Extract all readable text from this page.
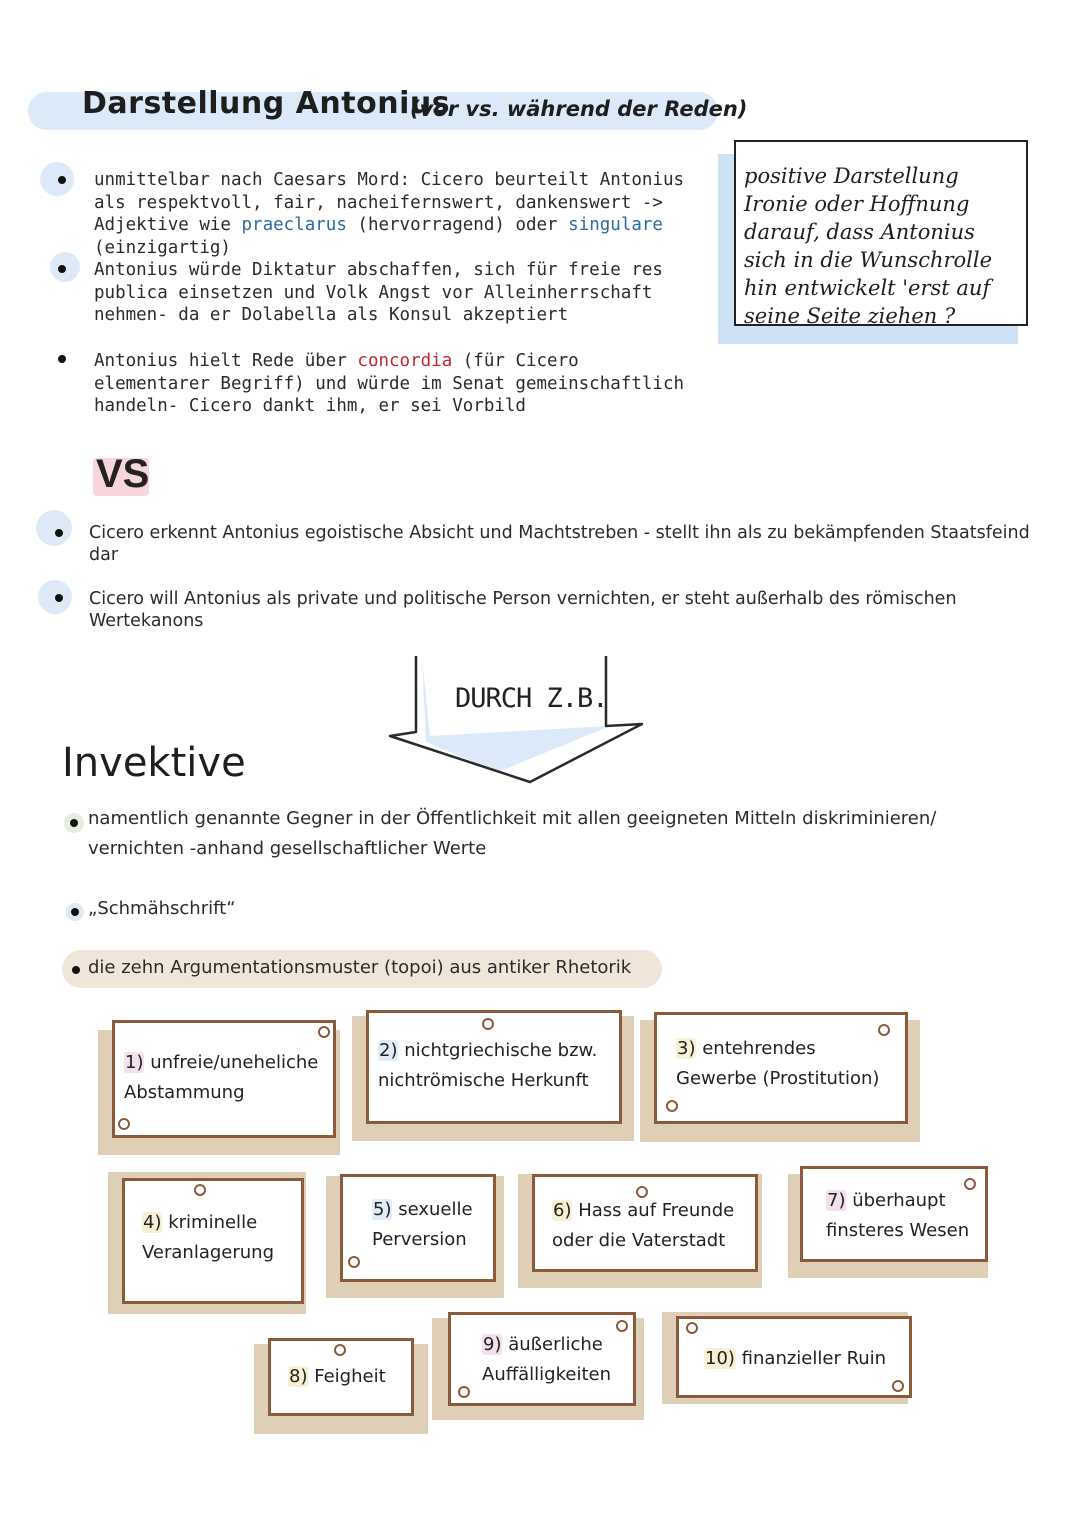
Darstellung Antonius
(vor vs. während der Reden)
unmittelbar nach Caesars Mord: Cicero beurteilt Antonius als respektvoll, fair, nacheifernswert, dankenswert -> Adjektive wie praeclarus (hervorragend) oder singulare (einzigartig)
Antonius würde Diktatur abschaffen, sich für freie res publica einsetzen und Volk Angst vor Alleinherrschaft nehmen- da er Dolabella als Konsul akzeptiert
Antonius hielt Rede über concordia (für Cicero elementarer Begriff) und würde im Senat gemeinschaftlich handeln- Cicero dankt ihm, er sei Vorbild
positive Darstellung Ironie oder Hoffnung darauf, dass Antonius sich in die Wunschrolle hin entwickelt 'erst auf seine Seite ziehen ?
VS
Cicero erkennt Antonius egoistische Absicht und Machtstreben - stellt ihn als zu bekämpfenden Staatsfeind dar
Cicero will Antonius als private und politische Person vernichten, er steht außerhalb des römischen Wertekanons
DURCH Z.B.
Invektive
namentlich genannte Gegner in der Öffentlichkeit mit allen geeigneten Mitteln diskriminieren/
vernichten -anhand gesellschaftlicher Werte
„Schmähschrift“
die zehn Argumentationsmuster (topoi) aus antiker Rhetorik
1) unfreie/uneheliche
Abstammung
2) nichtgriechische bzw.
nichtrömische Herkunft
3) entehrendes
Gewerbe (Prostitution)
4) kriminelle
Veranlagerung
5) sexuelle
Perversion
6) Hass auf Freunde
oder die Vaterstadt
7) überhaupt
finsteres Wesen
8) Feigheit
9) äußerliche
Auffälligkeiten
10) finanzieller Ruin
